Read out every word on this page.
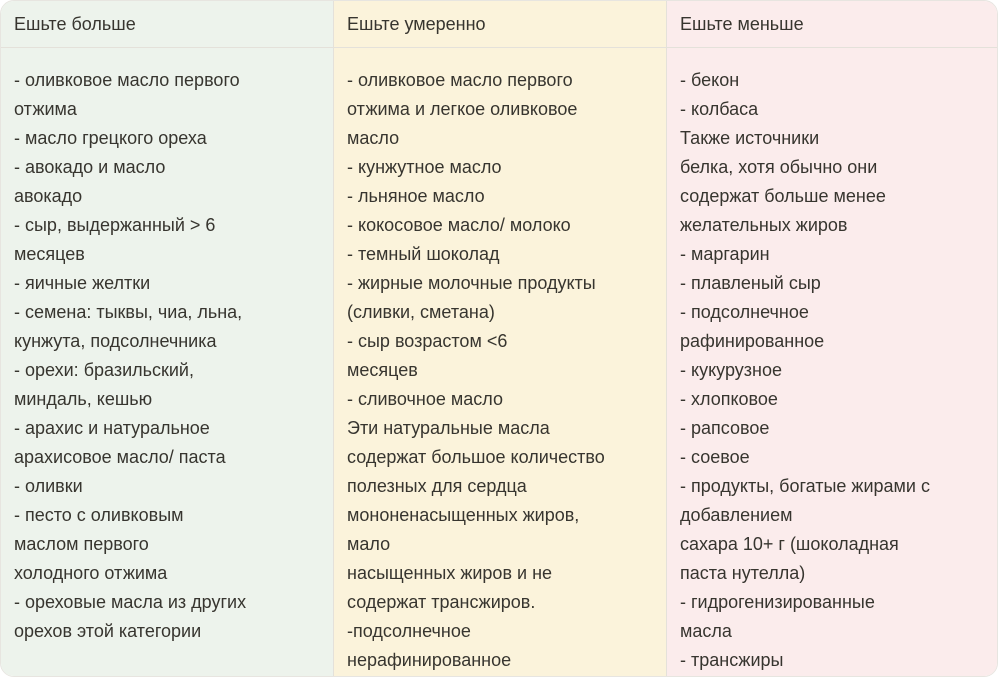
Ешьте больше	Ешьте умеренно	Ешьте меньше
- оливковое масло первого
отжима
- масло грецкого ореха
- авокадо и масло
авокадо
- сыр, выдержанный > 6
месяцев
- яичные желтки
- семена: тыквы, чиа, льна,
кунжута, подсолнечника
- орехи: бразильский,
миндаль, кешью
- арахис и натуральное
арахисовое масло/ паста
- оливки
- песто с оливковым
маслом первого
холодного отжима
- ореховые масла из других
орехов этой категории
- оливковое масло первого
отжима и легкое оливковое
масло
- кунжутное масло
- льняное масло
- кокосовое масло/ молоко
- темный шоколад
- жирные молочные продукты
(сливки, сметана)
- сыр возрастом <6
месяцев
- сливочное масло
Эти натуральные масла
содержат большое количество
полезных для сердца
мононенасыщенных жиров,
мало
насыщенных жиров и не
содержат трансжиров.
-подсолнечное
нерафинированное
- бекон
- колбаса
Также источники
белка, хотя обычно они
содержат больше менее
желательных жиров
- маргарин
- плавленый сыр
- подсолнечное
рафинированное
- кукурузное
- хлопковое
- рапсовое
- соевое
- продукты, богатые жирами с
добавлением
сахара 10+ г (шоколадная
паста нутелла)
- гидрогенизированные
масла
- трансжиры
